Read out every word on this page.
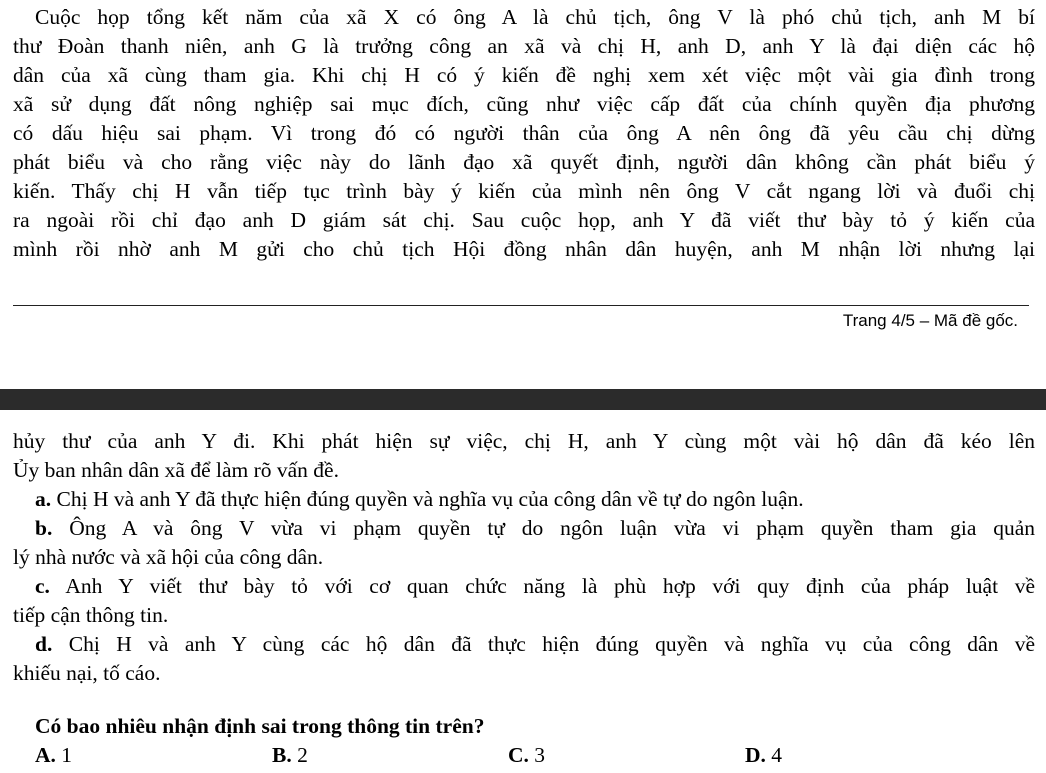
Cuộc họp tổng kết năm của xã X có ông A là chủ tịch, ông V là phó chủ tịch, anh M bí
thư Đoàn thanh niên, anh G là trưởng công an xã và chị H, anh D, anh Y là đại diện các hộ
dân của xã cùng tham gia. Khi chị H có ý kiến đề nghị xem xét việc một vài gia đình trong
xã sử dụng đất nông nghiệp sai mục đích, cũng như việc cấp đất của chính quyền địa phương
có dấu hiệu sai phạm. Vì trong đó có người thân của ông A nên ông đã yêu cầu chị dừng
phát biểu và cho rằng việc này do lãnh đạo xã quyết định, người dân không cần phát biểu ý
kiến. Thấy chị H vẫn tiếp tục trình bày ý kiến của mình nên ông V cắt ngang lời và đuổi chị
ra ngoài rồi chỉ đạo anh D giám sát chị. Sau cuộc họp, anh Y đã viết thư bày tỏ ý kiến của
mình rồi nhờ anh M gửi cho chủ tịch Hội đồng nhân dân huyện, anh M nhận lời nhưng lại
Trang 4/5 – Mã đề gốc.
hủy thư của anh Y đi. Khi phát hiện sự việc, chị H, anh Y cùng một vài hộ dân đã kéo lên
Ủy ban nhân dân xã để làm rõ vấn đề.
a. Chị H và anh Y đã thực hiện đúng quyền và nghĩa vụ của công dân về tự do ngôn luận.
b. Ông A và ông V vừa vi phạm quyền tự do ngôn luận vừa vi phạm quyền tham gia quản
lý nhà nước và xã hội của công dân.
c. Anh Y viết thư bày tỏ với cơ quan chức năng là phù hợp với quy định của pháp luật về
tiếp cận thông tin.
d. Chị H và anh Y cùng các hộ dân đã thực hiện đúng quyền và nghĩa vụ của công dân về
khiếu nại, tố cáo.
Có bao nhiêu nhận định sai trong thông tin trên?
A. 1	B. 2	C. 3	D. 4
